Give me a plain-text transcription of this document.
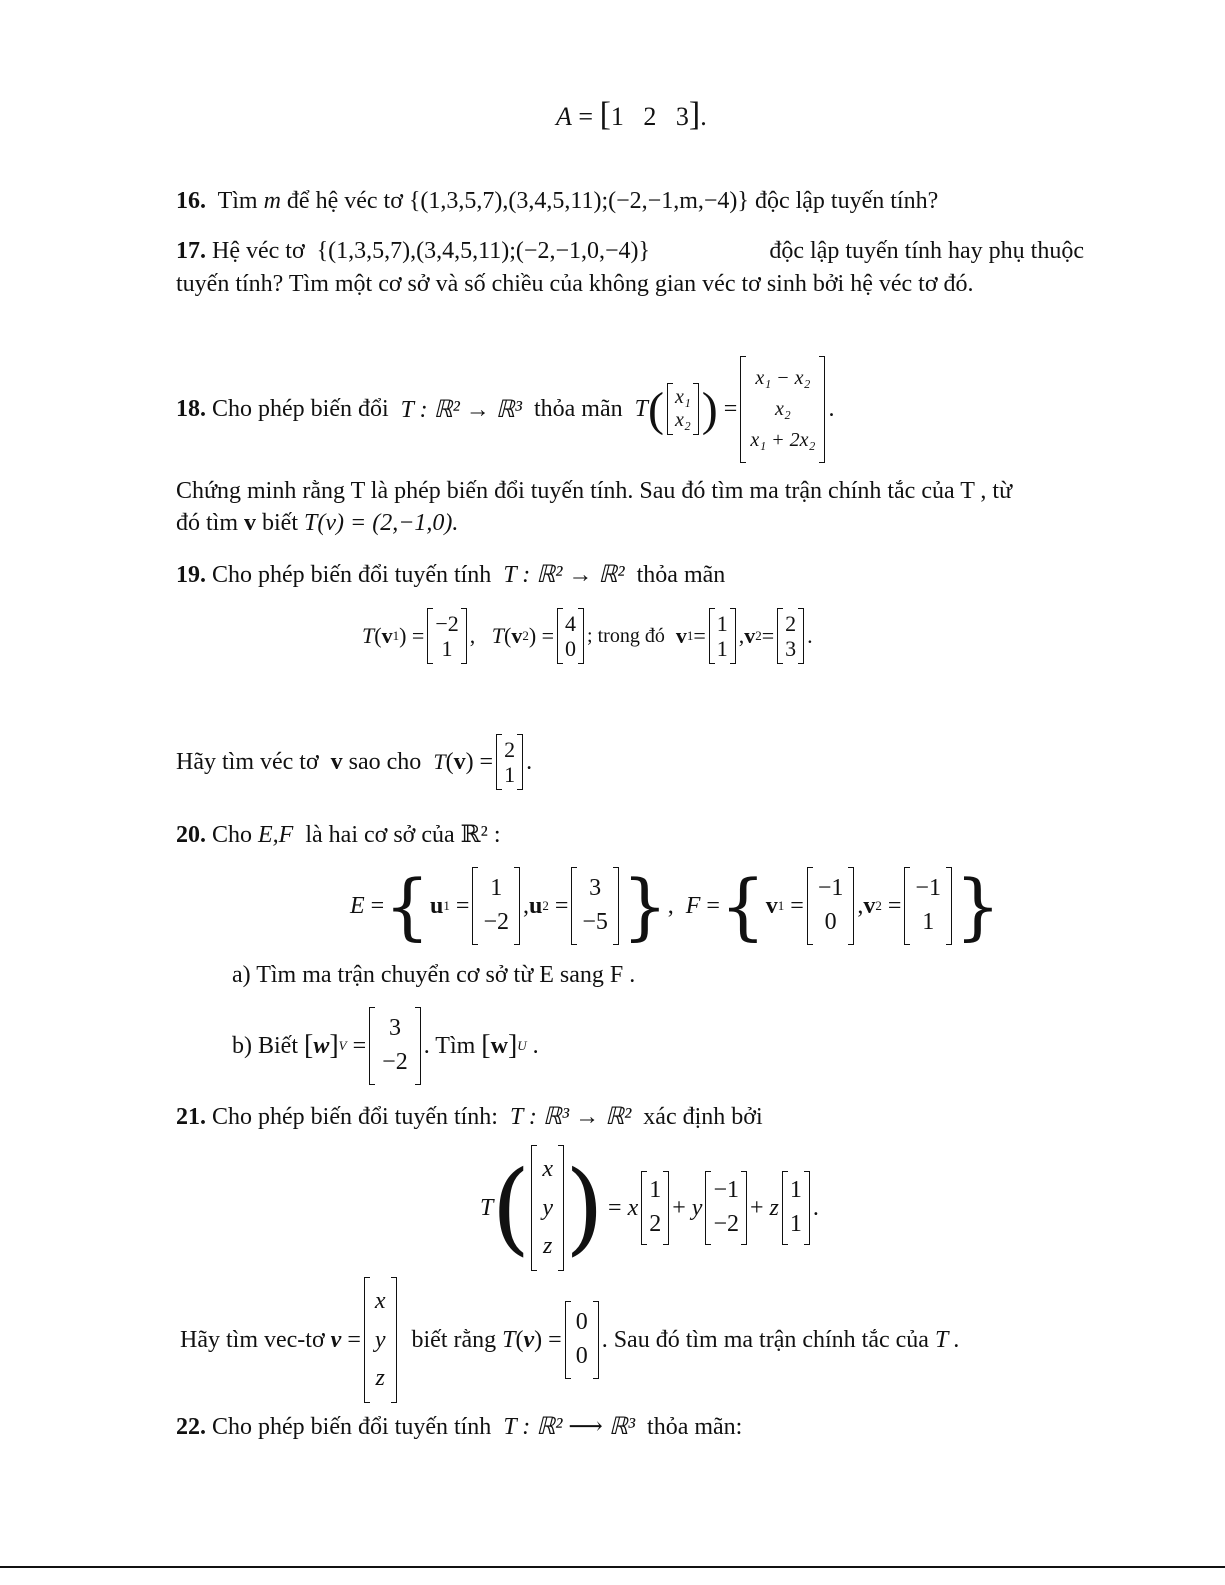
A = [1 2 3].
16. Tìm m để hệ véc tơ {(1,3,5,7),(3,4,5,11);(−2,−1,m,−4)} độc lập tuyến tính?
17. Hệ véc tơ {(1,3,5,7),(3,4,5,11);(−2,−1,0,−4)}	độc lập tuyến tính hay phụ thuộc
tuyến tính? Tìm một cơ sở và số chiều của không gian véc tơ sinh bởi hệ véc tơ đó.
18.
Cho phép biến đổi
T : ℝ² → ℝ³
thỏa mãn
T ( x₁
x₂ ) =
x₁ − x₂
x₂
x₁ + 2x₂
.
Chứng minh rằng T là phép biến đổi tuyến tính. Sau đó tìm ma trận chính tắc của T , từ
đó tìm v biết T(v) = (2,−1,0).
19. Cho phép biến đổi tuyến tính T : ℝ² → ℝ² thỏa mãn
T ( v 1 ) = −2
1
, T ( v 2 ) = 4
0
; trong đó
v 1 = 1
1
, v 2 = 2
3
.
Hãy tìm véc tơ
v
sao cho
T ( v ) = 2
1 .
20. Cho E,F là hai cơ sở của ℝ² :
E = { u 1 =
1
−2
, u 2 =
3
−5 } , F = { v 1 =
−1
0
, v 2 =
−1
1 }
a) Tìm ma trận chuyển cơ sở từ E sang F .
b) Biết
[ w ] V =
3
−2
. Tìm
[ w ] U .
21. Cho phép biến đổi tuyến tính: T : ℝ³ → ℝ² xác định bởi
T
( x
y
z )
= x
1
2
+ y
−1
−2
+ z
1
1
.
Hãy tìm vec-tơ
v =
x
y
z

biết rằng
T ( v ) =
0
0
. Sau đó tìm ma trận chính tắc của
T .
22. Cho phép biến đổi tuyến tính T : ℝ² ⟶ ℝ³ thỏa mãn:
